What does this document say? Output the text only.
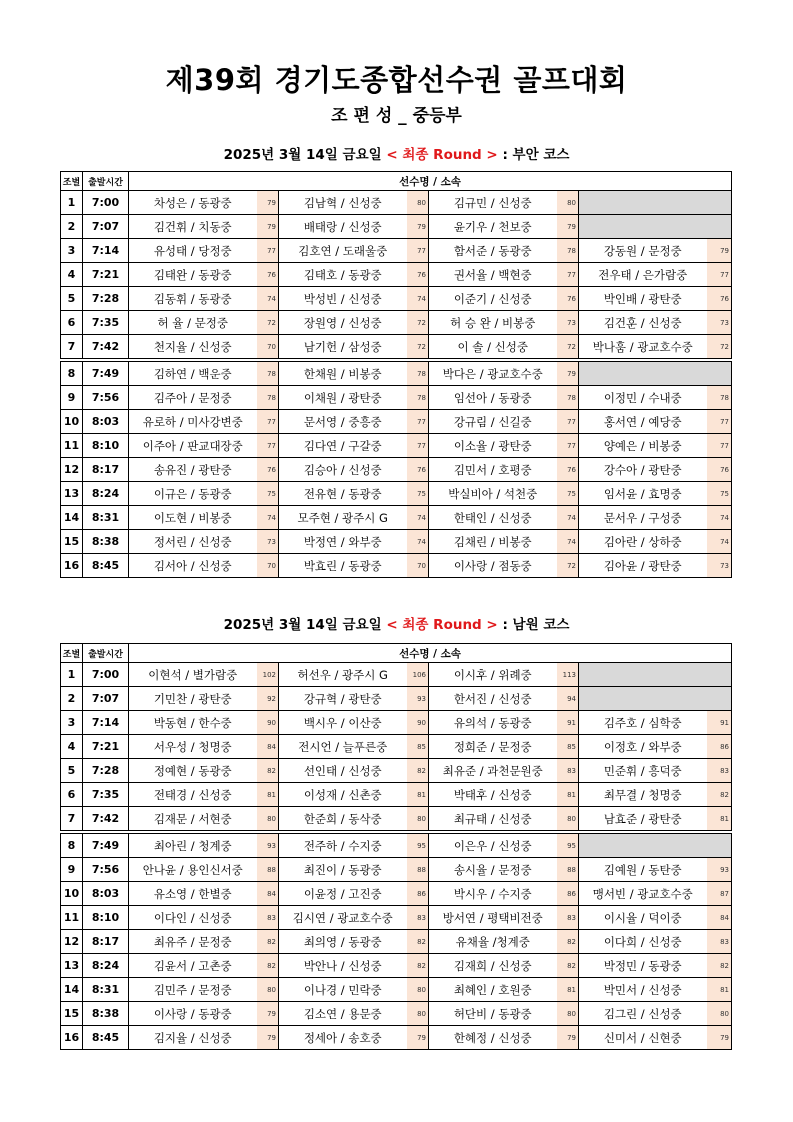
제39회 경기도종합선수권 골프대회
조 편 성 _ 중등부
2025년 3월 14일 금요일 < 최종 Round > : 부안 코스
조별	출발시간	선수명 / 소속							
1	7:00	차성은 / 동광중	79	김남혁 / 신성중	80	김규민 / 신성중	80		
2	7:07	김건휘 / 치동중	79	배태랑 / 신성중	79	윤기우 / 천보중	79		
3	7:14	유성태 / 당정중	77	김호연 / 도래울중	77	함서준 / 동광중	78	강동원 / 문정중	79
4	7:21	김태완 / 동광중	76	김태호 / 동광중	76	권서율 / 백현중	77	전우태 / 은가람중	77
5	7:28	김동휘 / 동광중	74	박성빈 / 신성중	74	이준기 / 신성중	76	박인배 / 광탄중	76
6	7:35	허 율 / 문정중	72	장원영 / 신성중	72	허 승 완 / 비봉중	73	김건훈 / 신성중	73
7	7:42	천지율 / 신성중	70	남기헌 / 삼성중	72	이 솔 / 신성중	72	박나훔 / 광교호수중	72
8	7:49	김하연 / 백운중	78	한채원 / 비봉중	78	박다은 / 광교호수중	79		
9	7:56	김주아 / 문정중	78	이채원 / 광탄중	78	임선아 / 동광중	78	이정민 / 수내중	78
10	8:03	유로하 / 미사강변중	77	문서영 / 중흥중	77	강규림 / 신길중	77	홍서연 / 예당중	77
11	8:10	이주아 / 판교대장중	77	김다연 / 구갈중	77	이소율 / 광탄중	77	양예은 / 비봉중	77
12	8:17	송유진 / 광탄중	76	김승아 / 신성중	76	김민서 / 호평중	76	강수아 / 광탄중	76
13	8:24	이규은 / 동광중	75	전유현 / 동광중	75	박실비아 / 석천중	75	임서윤 / 효명중	75
14	8:31	이도현 / 비봉중	74	모주현 / 광주시 G	74	한태인 / 신성중	74	문서우 / 구성중	74
15	8:38	정서린 / 신성중	73	박정연 / 와부중	74	김채린 / 비봉중	74	김아란 / 상하중	74
16	8:45	김서아 / 신성중	70	박효린 / 동광중	70	이사랑 / 점동중	72	김아윤 / 광탄중	73
2025년 3월 14일 금요일 < 최종 Round > : 남원 코스
조별	출발시간	선수명 / 소속							
1	7:00	이현석 / 별가람중	102	허선우 / 광주시 G	106	이시후 / 위례중	113		
2	7:07	기민찬 / 광탄중	92	강규혁 / 광탄중	93	한서진 / 신성중	94		
3	7:14	박동현 / 한수중	90	백시우 / 이산중	90	유의석 / 동광중	91	김주호 / 심학중	91
4	7:21	서우성 / 청명중	84	전시언 / 늘푸른중	85	정희준 / 문정중	85	이정호 / 와부중	86
5	7:28	정예현 / 동광중	82	선인태 / 신성중	82	최유준 / 과천문원중	83	민준휘 / 흥덕중	83
6	7:35	전태경 / 신성중	81	이성재 / 신촌중	81	박태후 / 신성중	81	최무결 / 청명중	82
7	7:42	김재문 / 서현중	80	한준희 / 동삭중	80	최규태 / 신성중	80	남효준 / 광탄중	81
8	7:49	최아린 / 청계중	93	전주하 / 수지중	95	이은우 / 신성중	95		
9	7:56	안나윤 / 용인신서중	88	최진이 / 동광중	88	송시율 / 문정중	88	김예원 / 동탄중	93
10	8:03	유소영 / 한별중	84	이윤정 / 고진중	86	박시우 / 수지중	86	맹서빈 / 광교호수중	87
11	8:10	이다인 / 신성중	83	김시연 / 광교호수중	83	방서연 / 평택비전중	83	이시율 / 덕이중	84
12	8:17	최유주 / 문정중	82	최의영 / 동광중	82	유채율 /청계중	82	이다희 / 신성중	83
13	8:24	김윤서 / 고촌중	82	박안나 / 신성중	82	김재희 / 신성중	82	박정민 / 동광중	82
14	8:31	김민주 / 문정중	80	이나경 / 민락중	80	최혜인 / 호원중	81	박민서 / 신성중	81
15	8:38	이사랑 / 동광중	79	김소연 / 용문중	80	허단비 / 동광중	80	김그린 / 신성중	80
16	8:45	김지율 / 신성중	79	정세아 / 송호중	79	한혜정 / 신성중	79	신미서 / 신현중	79
